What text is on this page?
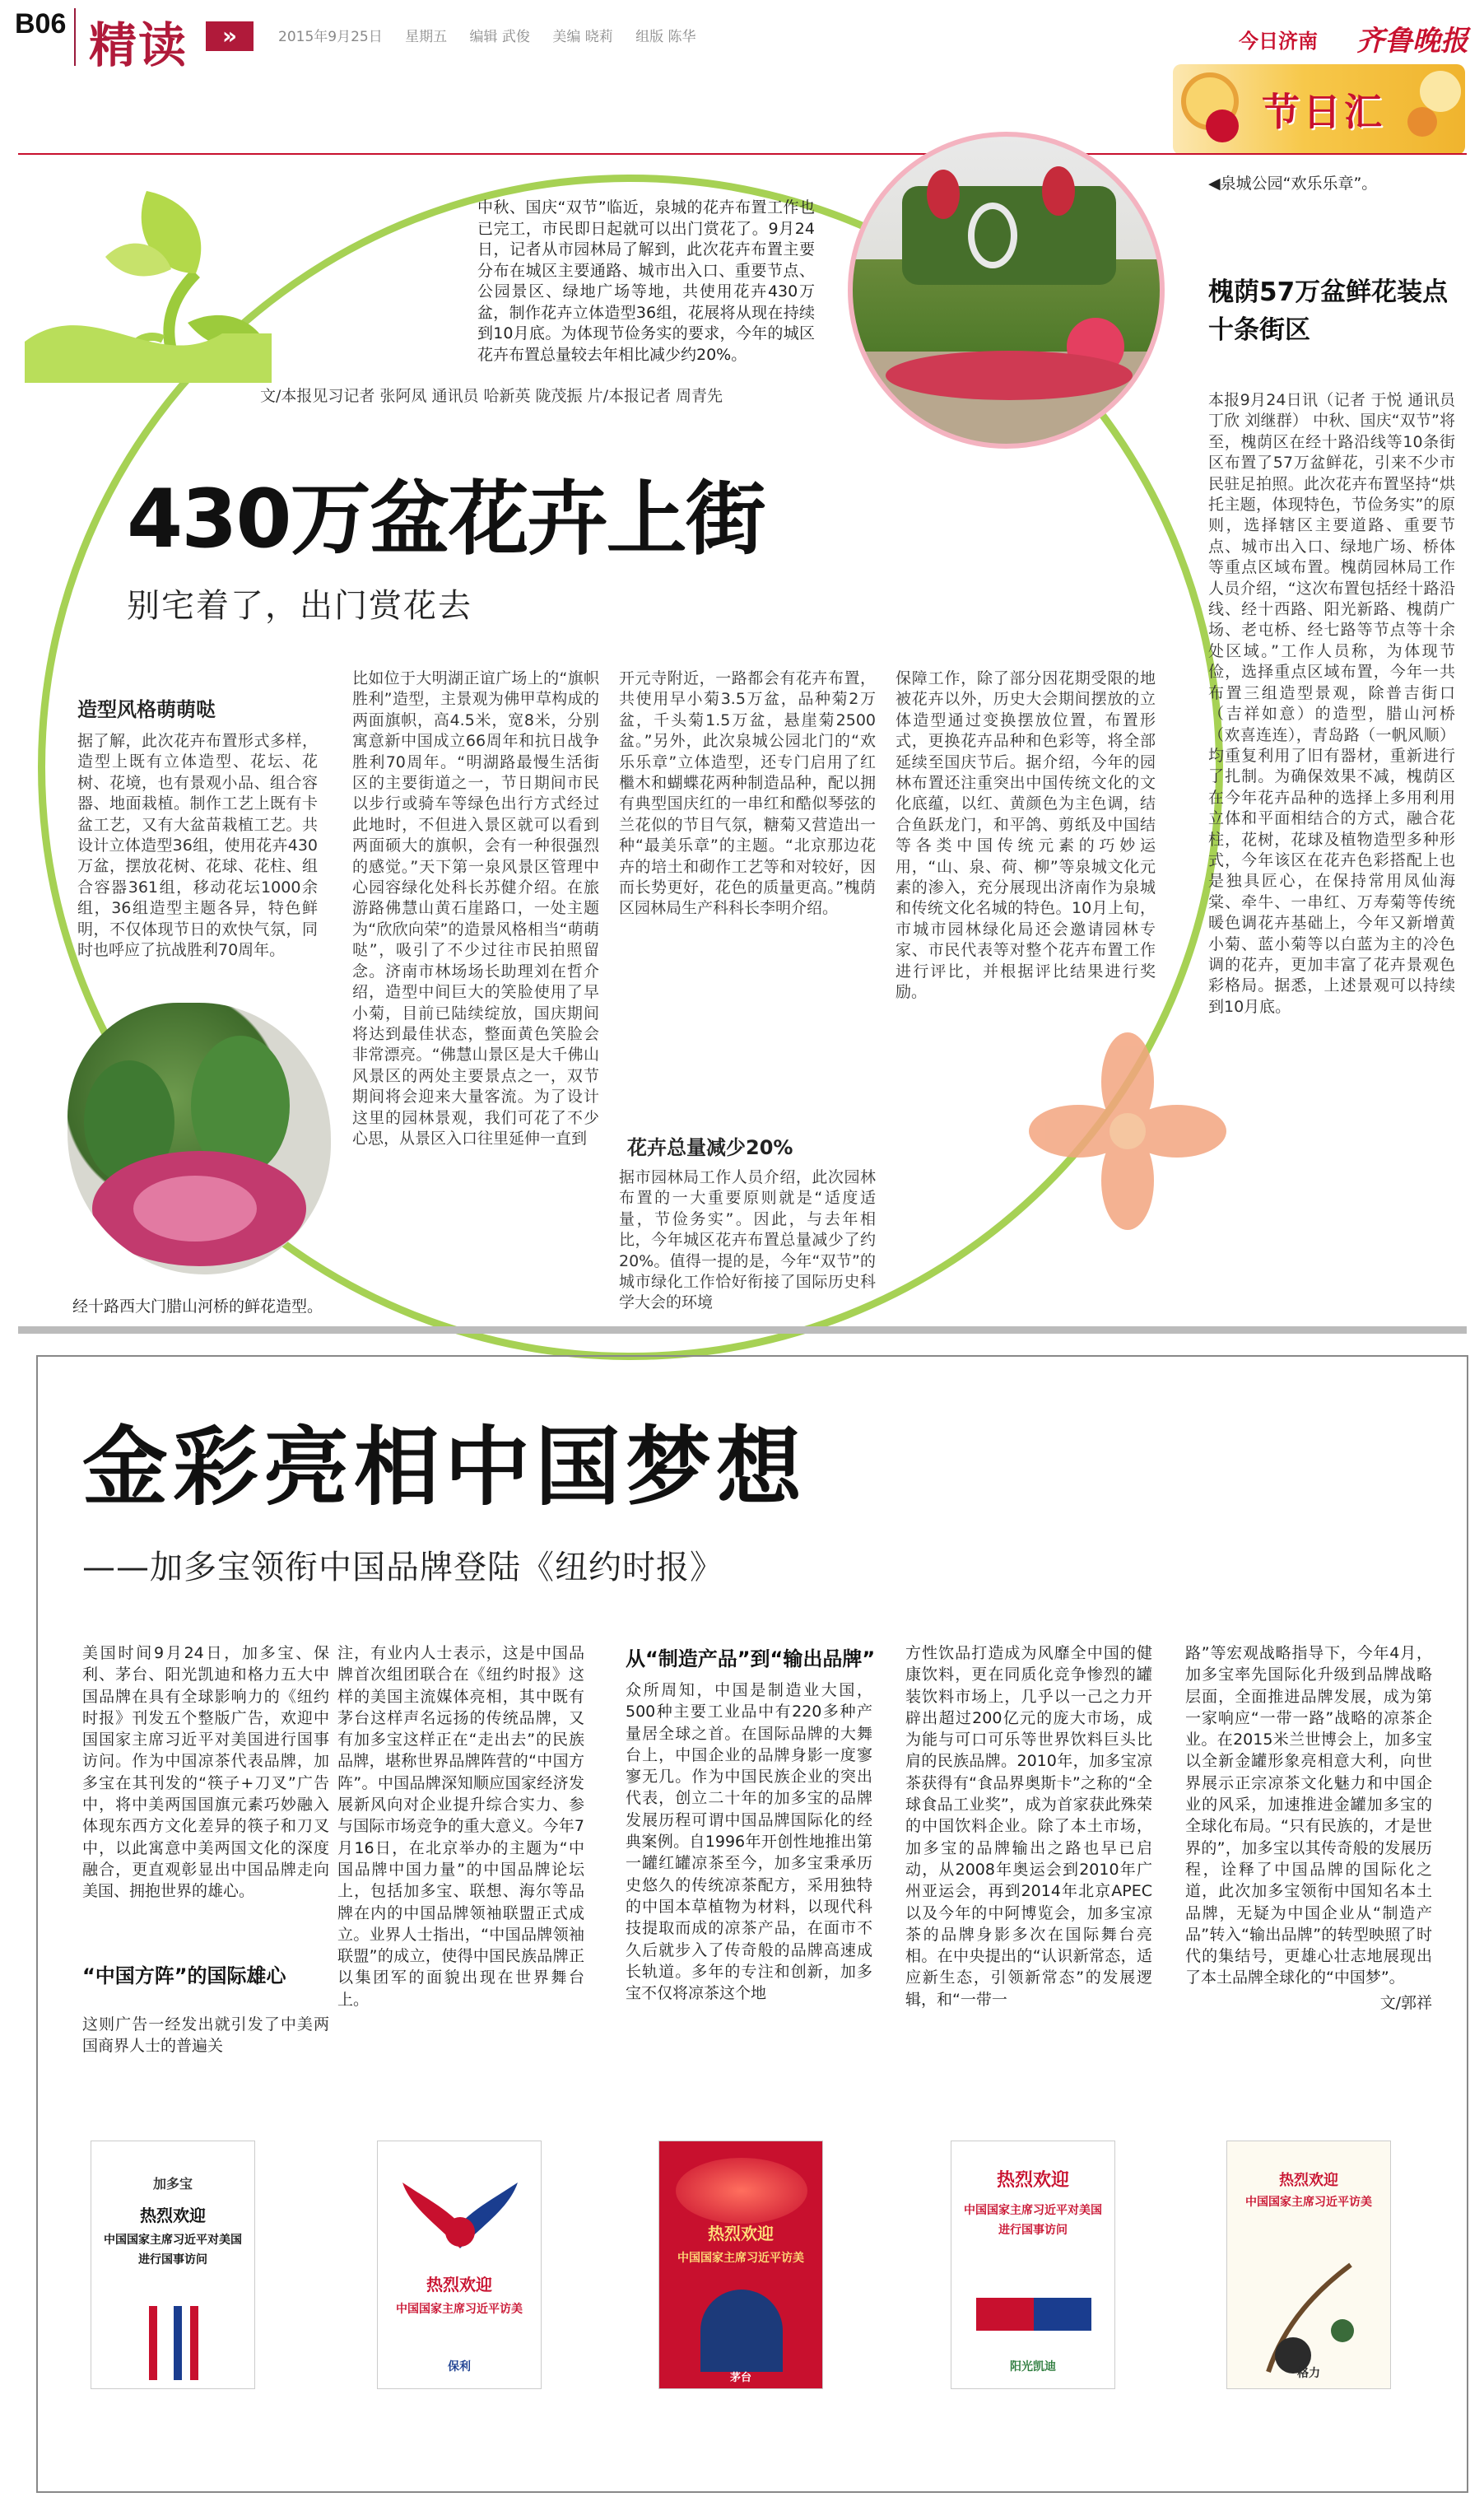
B06 精读	»	2015年9月25日 星期五 编辑 武俊 美编 晓莉 组版 陈华	今日济南 齐鲁晚报
节日汇
◀泉城公园“欢乐乐章”。
中秋、国庆“双节”临近，泉城的花卉布置工作也已完工，市民即日起就可以出门赏花了。9月24日，记者从市园林局了解到，此次花卉布置主要分布在城区主要通路、城市出入口、重要节点、公园景区、绿地广场等地，共使用花卉430万盆，制作花卉立体造型36组，花展将从现在持续到10月底。为体现节俭务实的要求，今年的城区花卉布置总量较去年相比减少约20%。
文/本报见习记者 张阿凤 通讯员 哈新英 陇茂振 片/本报记者 周青先
430万盆花卉上街
别宅着了，出门赏花去
造型风格萌萌哒
据了解，此次花卉布置形式多样，造型上既有立体造型、花坛、花树、花境，也有景观小品、组合容器、地面栽植。制作工艺上既有卡盆工艺，又有大盆苗栽植工艺。共设计立体造型36组，使用花卉430万盆，摆放花树、花球、花柱、组合容器361组，移动花坛1000余组，36组造型主题各异，特色鲜明，不仅体现节日的欢快气氛，同时也呼应了抗战胜利70周年。
比如位于大明湖正谊广场上的“旗帜胜利”造型，主景观为佛甲草构成的两面旗帜，高4.5米，宽8米，分别寓意新中国成立66周年和抗日战争胜利70周年。“明湖路最慢生活街区的主要街道之一，节日期间市民以步行或骑车等绿色出行方式经过此地时，不但进入景区就可以看到两面硕大的旗帜，会有一种很强烈的感觉。”天下第一泉风景区管理中心园容绿化处科长苏健介绍。在旅游路佛慧山黄石崖路口，一处主题为“欣欣向荣”的造景风格相当“萌萌哒”，吸引了不少过往市民拍照留念。济南市林场场长助理刘在哲介绍，造型中间巨大的笑脸使用了早小菊，目前已陆续绽放，国庆期间将达到最佳状态，整面黄色笑脸会非常漂亮。“佛慧山景区是大千佛山风景区的两处主要景点之一，双节期间将会迎来大量客流。为了设计这里的园林景观，我们可花了不少心思，从景区入口往里延伸一直到
开元寺附近，一路都会有花卉布置，共使用早小菊3.5万盆，品种菊2万盆，千头菊1.5万盆，悬崖菊2500盆。”另外，此次泉城公园北门的“欢乐乐章”立体造型，还专门启用了红檵木和蝴蝶花两种制造品种，配以拥有典型国庆红的一串红和酷似琴弦的兰花似的节目气氛，糖菊又营造出一种“最美乐章”的主题。“北京那边花卉的培土和砌作工艺等和对较好，因而长势更好，花色的质量更高。”槐荫区园林局生产科科长李明介绍。
花卉总量减少20%
据市园林局工作人员介绍，此次园林布置的一大重要原则就是“适度适量，节俭务实”。因此，与去年相比，今年城区花卉布置总量减少了约20%。值得一提的是，今年“双节”的城市绿化工作恰好衔接了国际历史科学大会的环境
保障工作，除了部分因花期受限的地被花卉以外，历史大会期间摆放的立体造型通过变换摆放位置，布置形式，更换花卉品种和色彩等，将全部延续至国庆节后。据介绍，今年的园林布置还注重突出中国传统文化的文化底蕴，以红、黄颜色为主色调，结合鱼跃龙门，和平鸽、剪纸及中国结等各类中国传统元素的巧妙运用，“山、泉、荷、柳”等泉城文化元素的渗入，充分展现出济南作为泉城和传统文化名城的特色。10月上旬，市城市园林绿化局还会邀请园林专家、市民代表等对整个花卉布置工作进行评比，并根据评比结果进行奖励。
经十路西大门腊山河桥的鲜花造型。
槐荫57万盆鲜花装点十条街区
本报9月24日讯（记者 于悦 通讯员 丁欣 刘继群） 中秋、国庆“双节”将至，槐荫区在经十路沿线等10条街区布置了57万盆鲜花，引来不少市民驻足拍照。此次花卉布置坚持“烘托主题，体现特色，节俭务实”的原则，选择辖区主要道路、重要节点、城市出入口、绿地广场、桥体等重点区域布置。槐荫园林局工作人员介绍，“这次布置包括经十路沿线、经十西路、阳光新路、槐荫广场、老屯桥、经七路等节点等十余处区域。”工作人员称，为体现节俭，选择重点区域布置，今年一共布置三组造型景观，除普吉街口（吉祥如意）的造型，腊山河桥（欢喜连连），青岛路（一帆风顺）均重复利用了旧有器材，重新进行了扎制。为确保效果不减，槐荫区在今年花卉品种的选择上多用利用立体和平面相结合的方式，融合花柱，花树，花球及植物造型多种形式，今年该区在花卉色彩搭配上也是独具匠心，在保持常用凤仙海棠、牵牛、一串红、万寿菊等传统暖色调花卉基础上，今年又新增黄小菊、蓝小菊等以白蓝为主的冷色调的花卉，更加丰富了花卉景观色彩格局。据悉，上述景观可以持续到10月底。
金彩亮相中国梦想
——加多宝领衔中国品牌登陆《纽约时报》
美国时间9月24日，加多宝、保利、茅台、阳光凯迪和格力五大中国品牌在具有全球影响力的《纽约时报》刊发五个整版广告，欢迎中国国家主席习近平对美国进行国事访问。作为中国凉茶代表品牌，加多宝在其刊发的“筷子+刀叉”广告中，将中美两国国旗元素巧妙融入体现东西方文化差异的筷子和刀叉中，以此寓意中美两国文化的深度融合，更直观彰显出中国品牌走向美国、拥抱世界的雄心。
“中国方阵”的国际雄心
这则广告一经发出就引发了中美两国商界人士的普遍关
注，有业内人士表示，这是中国品牌首次组团联合在《纽约时报》这样的美国主流媒体亮相，其中既有茅台这样声名远扬的传统品牌，又有加多宝这样正在“走出去”的民族品牌，堪称世界品牌阵营的“中国方阵”。中国品牌深知顺应国家经济发展新风向对企业提升综合实力、参与国际市场竞争的重大意义。今年7月16日，在北京举办的主题为“中国品牌中国力量”的中国品牌论坛上，包括加多宝、联想、海尔等品牌在内的中国品牌领袖联盟正式成立。业界人士指出，“中国品牌领袖联盟”的成立，使得中国民族品牌正以集团军的面貌出现在世界舞台上。
从“制造产品”到“输出品牌”
众所周知，中国是制造业大国，500种主要工业品中有220多种产量居全球之首。在国际品牌的大舞台上，中国企业的品牌身影一度寥寥无几。作为中国民族企业的突出代表，创立二十年的加多宝的品牌发展历程可谓中国品牌国际化的经典案例。自1996年开创性地推出第一罐红罐凉茶至今，加多宝秉承历史悠久的传统凉茶配方，采用独特的中国本草植物为材料，以现代科技提取而成的凉茶产品，在面市不久后就步入了传奇般的品牌高速成长轨道。多年的专注和创新，加多宝不仅将凉茶这个地
方性饮品打造成为风靡全中国的健康饮料，更在同质化竞争惨烈的罐装饮料市场上，几乎以一己之力开辟出超过200亿元的庞大市场，成为能与可口可乐等世界饮料巨头比肩的民族品牌。2010年，加多宝凉茶获得有“食品界奥斯卡”之称的“全球食品工业奖”，成为首家获此殊荣的中国饮料企业。除了本土市场，加多宝的品牌输出之路也早已启动，从2008年奥运会到2010年广州亚运会，再到2014年北京APEC以及今年的中阿博览会，加多宝凉茶的品牌身影多次在国际舞台亮相。在中央提出的“认识新常态，适应新生态，引领新常态”的发展逻辑，和“一带一
路”等宏观战略指导下，今年4月，加多宝率先国际化升级到品牌战略层面，全面推进品牌发展，成为第一家响应“一带一路”战略的凉茶企业。在2015米兰世博会上，加多宝以全新金罐形象亮相意大利，向世界展示正宗凉茶文化魅力和中国企业的风采，加速推进金罐加多宝的全球化布局。“只有民族的，才是世界的”，加多宝以其传奇般的发展历程，诠释了中国品牌的国际化之道，此次加多宝领衔中国知名本土品牌，无疑为中国企业从“制造产品”转入“输出品牌”的转型映照了时代的集结号，更雄心壮志地展现出了本土品牌全球化的“中国梦”。
文/郭祥
加多宝
热烈欢迎
中国国家主席习近平对美国进行国事访问
热烈欢迎
中国国家主席习近平访美
保利
热烈欢迎
中国国家主席习近平访美
茅台
热烈欢迎
中国国家主席习近平对美国进行国事访问
阳光凯迪
热烈欢迎
中国国家主席习近平访美
格力
